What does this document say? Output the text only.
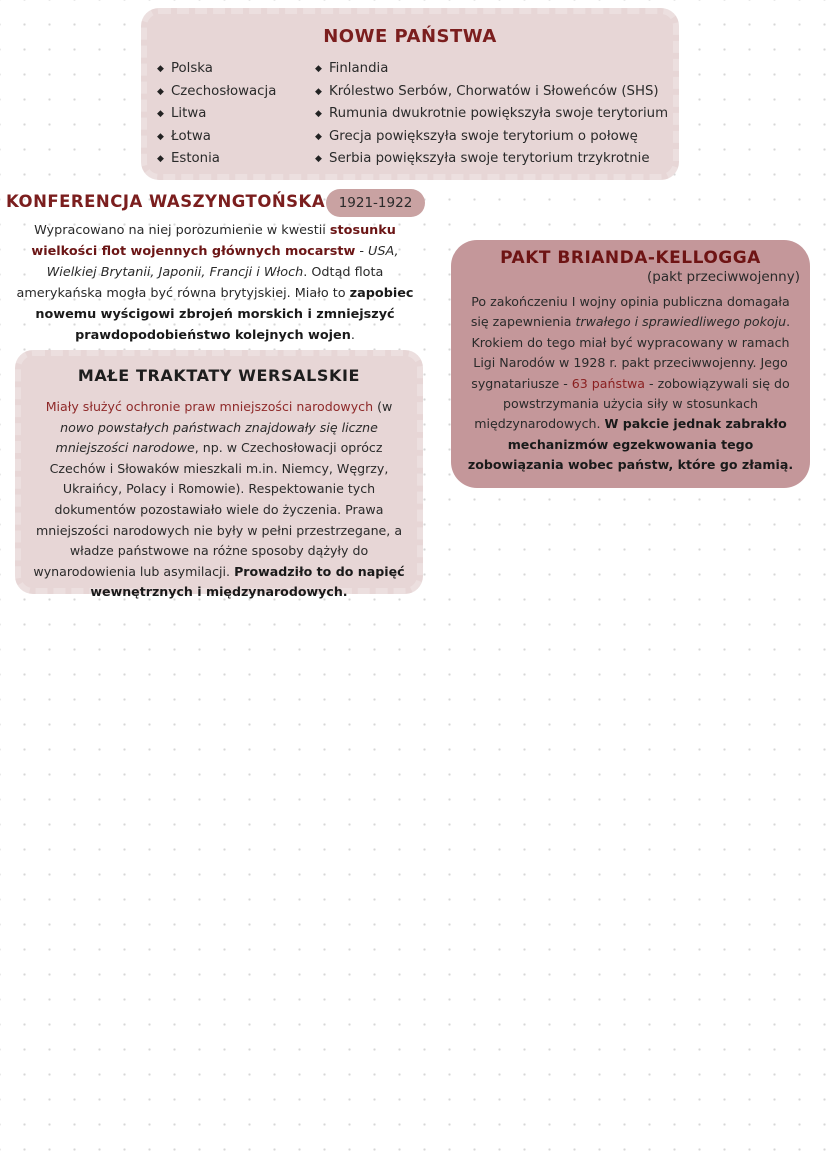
NOWE PAŃSTWA
◆ Polska
◆ Czechosłowacja
◆ Litwa
◆ Łotwa
◆ Estonia
◆ Finlandia
◆ Królestwo Serbów, Chorwatów i Słoweńców (SHS)
◆ Rumunia dwukrotnie powiększyła swoje terytorium
◆ Grecja powiększyła swoje terytorium o połowę
◆ Serbia powiększyła swoje terytorium trzykrotnie
KONFERENCJA WASZYNGTOŃSKA	1921-1922
Wypracowano na niej porozumienie w kwestii stosunku wielkości flot wojennych głównych mocarstw - USA, Wielkiej Brytanii, Japonii, Francji i Włoch. Odtąd flota amerykańska mogła być równa brytyjskiej. Miało to zapobiec nowemu wyścigowi zbrojeń morskich i zmniejszyć prawdopodobieństwo kolejnych wojen.
MAŁE TRAKTATY WERSALSKIE
Miały służyć ochronie praw mniejszości narodowych (w nowo powstałych państwach znajdowały się liczne mniejszości narodowe, np. w Czechosłowacji oprócz Czechów i Słowaków mieszkali m.in. Niemcy, Węgrzy, Ukraińcy, Polacy i Romowie). Respektowanie tych dokumentów pozostawiało wiele do życzenia. Prawa mniejszości narodowych nie były w pełni przestrzegane, a władze państwowe na różne sposoby dążyły do wynarodowienia lub asymilacji. Prowadziło to do napięć wewnętrznych i międzynarodowych.
PAKT BRIANDA-KELLOGGA
(pakt przeciwwojenny)
Po zakończeniu I wojny opinia publiczna domagała się zapewnienia trwałego i sprawiedliwego pokoju. Krokiem do tego miał być wypracowany w ramach Ligi Narodów w 1928 r. pakt przeciwwojenny. Jego sygnatariusze - 63 państwa - zobowiązywali się do powstrzymania użycia siły w stosunkach międzynarodowych. W pakcie jednak zabrakło mechanizmów egzekwowania tego zobowiązania wobec państw, które go złamią.
